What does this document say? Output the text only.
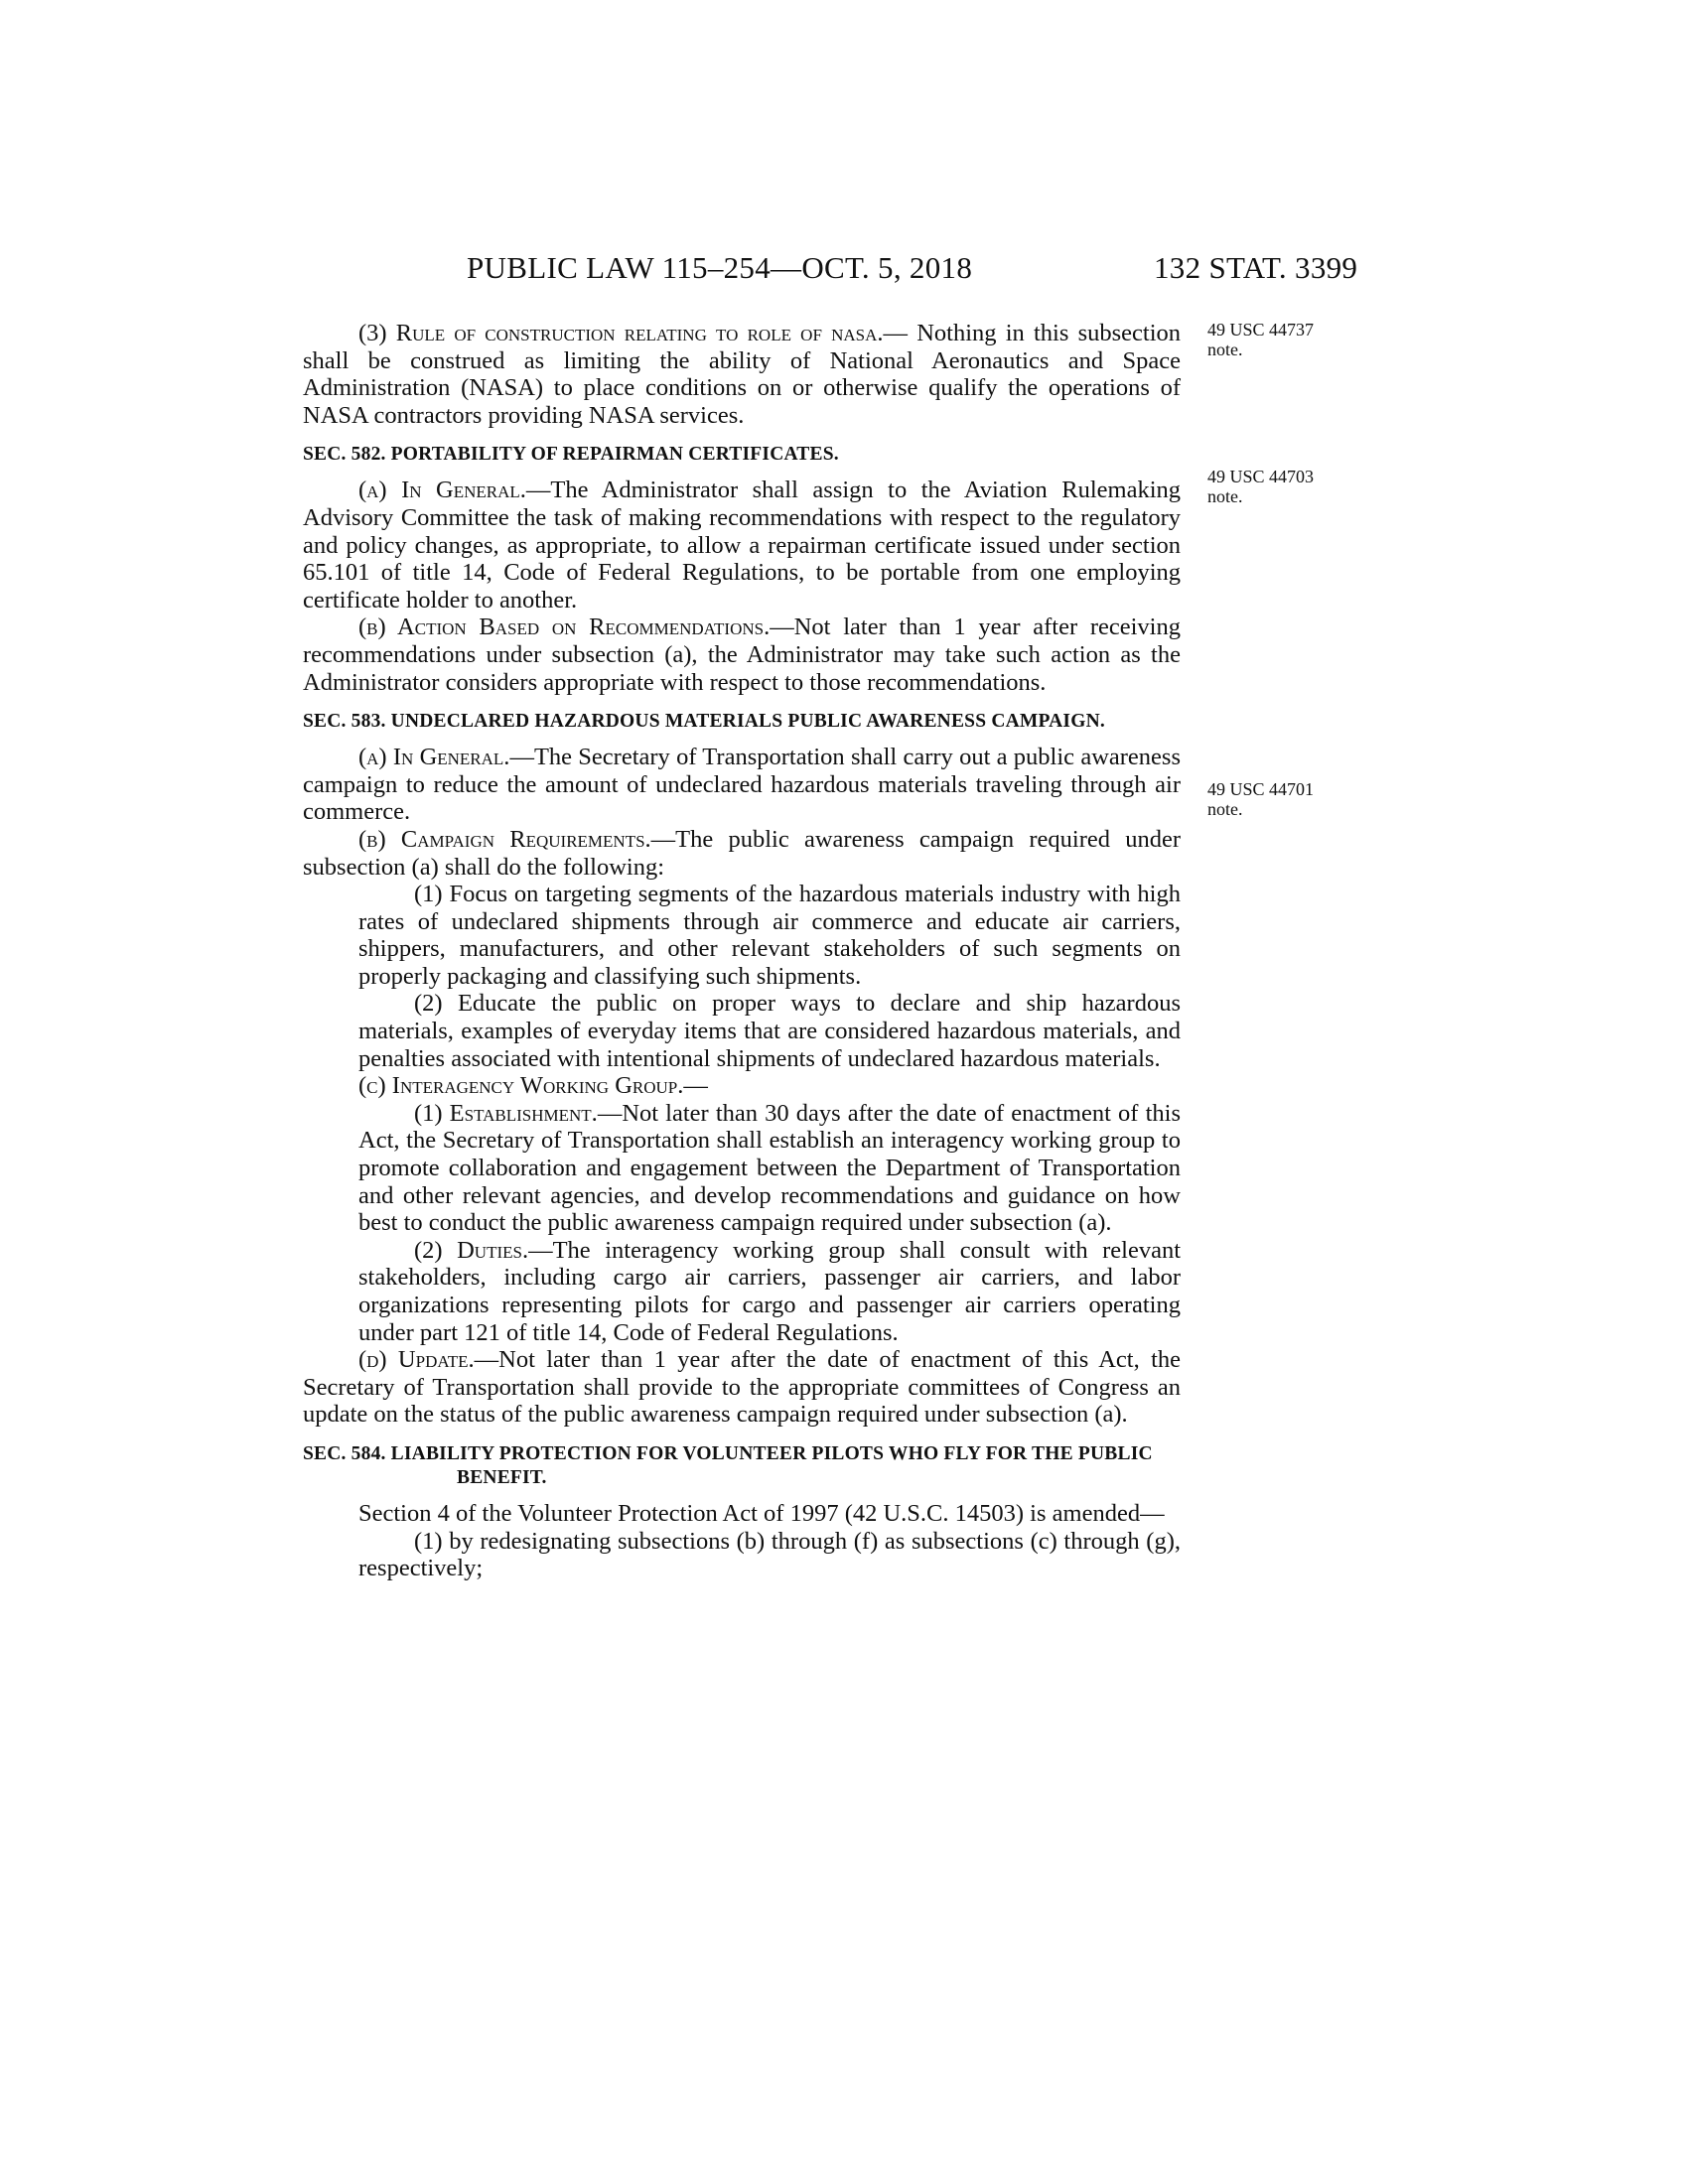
PUBLIC LAW 115–254—OCT. 5, 2018	132 STAT. 3399
49 USC 44737
note.
49 USC 44703
note.
49 USC 44701
note.

(3) Rule of construction relating to role of nasa.— Nothing in this subsection shall be construed as limiting the ability of National Aeronautics and Space Administration (NASA) to place conditions on or otherwise qualify the operations of NASA contractors providing NASA services.

SEC. 582. PORTABILITY OF REPAIRMAN CERTIFICATES.

(a) In General.—The Administrator shall assign to the Aviation Rulemaking Advisory Committee the task of making recommendations with respect to the regulatory and policy changes, as appropriate, to allow a repairman certificate issued under section 65.101 of title 14, Code of Federal Regulations, to be portable from one employing certificate holder to another.

(b) Action Based on Recommendations.—Not later than 1 year after receiving recommendations under subsection (a), the Administrator may take such action as the Administrator considers appropriate with respect to those recommendations.

SEC. 583. UNDECLARED HAZARDOUS MATERIALS PUBLIC AWARENESS CAMPAIGN.

(a) In General.—The Secretary of Transportation shall carry out a public awareness campaign to reduce the amount of undeclared hazardous materials traveling through air commerce.

(b) Campaign Requirements.—The public awareness campaign required under subsection (a) shall do the following:

(1) Focus on targeting segments of the hazardous materials industry with high rates of undeclared shipments through air commerce and educate air carriers, shippers, manufacturers, and other relevant stakeholders of such segments on properly packaging and classifying such shipments.

(2) Educate the public on proper ways to declare and ship hazardous materials, examples of everyday items that are considered hazardous materials, and penalties associated with intentional shipments of undeclared hazardous materials.

(c) Interagency Working Group.—

(1) Establishment.—Not later than 30 days after the date of enactment of this Act, the Secretary of Transportation shall establish an interagency working group to promote collaboration and engagement between the Department of Transportation and other relevant agencies, and develop recommendations and guidance on how best to conduct the public awareness campaign required under subsection (a).

(2) Duties.—The interagency working group shall consult with relevant stakeholders, including cargo air carriers, passenger air carriers, and labor organizations representing pilots for cargo and passenger air carriers operating under part 121 of title 14, Code of Federal Regulations.

(d) Update.—Not later than 1 year after the date of enactment of this Act, the Secretary of Transportation shall provide to the appropriate committees of Congress an update on the status of the public awareness campaign required under subsection (a).

SEC. 584. LIABILITY PROTECTION FOR VOLUNTEER PILOTS WHO FLY FOR THE PUBLIC BENEFIT.

Section 4 of the Volunteer Protection Act of 1997 (42 U.S.C. 14503) is amended—

(1) by redesignating subsections (b) through (f) as subsections (c) through (g), respectively;
